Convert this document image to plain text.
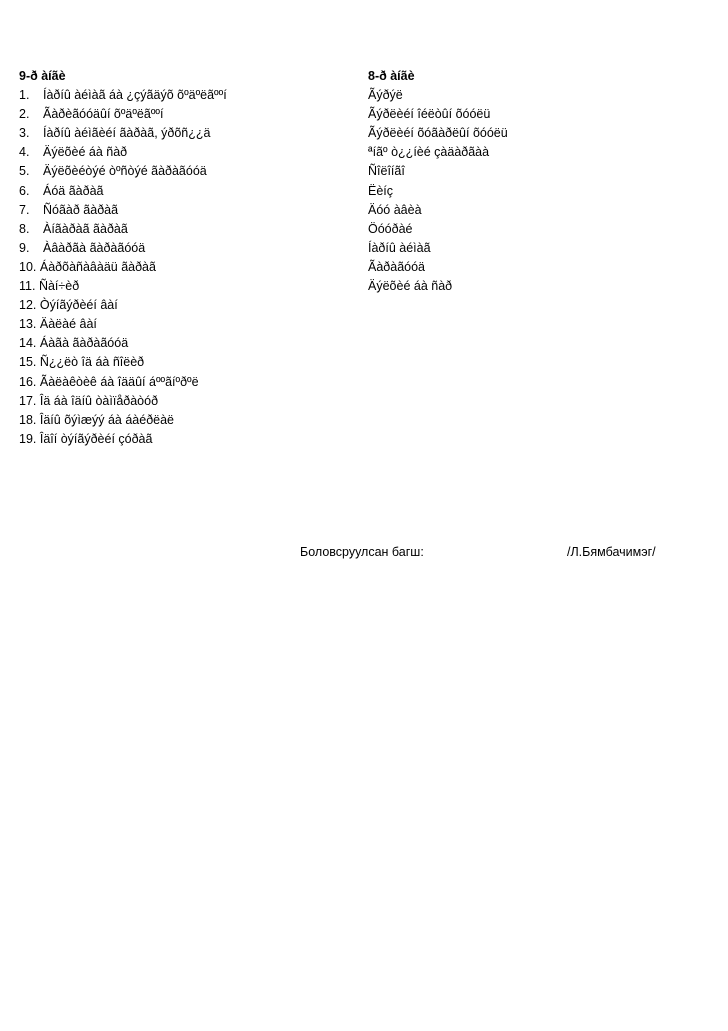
9-ð àíãè
1. Íàðíû àéìàã áà ¿çýãäýõ õºäºëãººí
2. Ãàðèãóóäûí õºäºëãººí
3. Íàðíû àéìãèéí ãàðàã, ýðõñ¿¿ä
4. Äýëõèé áà ñàð
5. Äýëõèéòýé òºñòýé ãàðàãóóä
6. Áóä ãàðàã
7. Ñóãàð ãàðàã
8. Àíãàðàã ãàðàã
9. Àâàðãà ãàðàãóóä
10. Áàðõàñàâàäü ãàðàã
11. Ñàí÷èð
12. Òýíãýðèéí âàí
13. Äàëàé âàí
14. Áàãà ãàðàãóóä
15. Ñ¿¿ëò îä áà ñîëèð
16. Ãàëàêòèê áà îääûí áººãíºðºë
17. Îä áà îäíû òàìïåðàòóð
18. Îäíû õýìæýý áà áàéðëàë
19. Îäîí òýíãýðèéí çóðàã
8-ð àíãè
Ãýðýë
Ãýðëèéí îéëòûí õóóëü
Ãýðëèéí õóãàðëûí õóóëü
ªíãº ò¿¿íèé çàäàðãàà
Ñîëîíãî
Ëèíç
Äóó àâèà
Öóóðàé
Íàðíû àéìàã
Ãàðàãóóä
Äýëõèé áà ñàð
Боловсруулсан багш:	/Л.Бямбачимэг/
